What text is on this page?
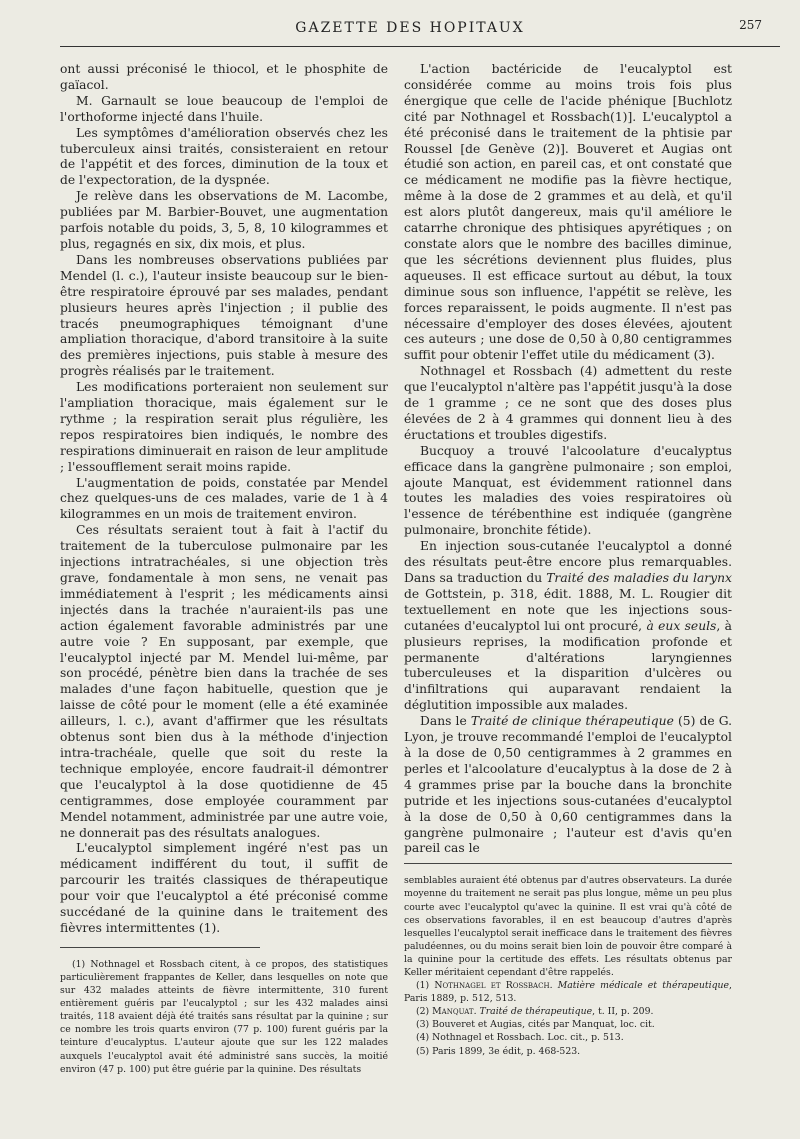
GAZETTE DES HOPITAUX	257

ont aussi préconisé le thiocol, et le phosphite de gaïacol.

M. Garnault se loue beaucoup de l'emploi de l'orthoforme injecté dans l'huile.

Les symptômes d'amélioration observés chez les tuberculeux ainsi traités, consisteraient en retour de l'appétit et des forces, diminution de la toux et de l'expectoration, de la dyspnée.

Je relève dans les observations de M. Lacombe, publiées par M. Barbier-Bouvet, une augmentation parfois notable du poids, 3, 5, 8, 10 kilogrammes et plus, regagnés en six, dix mois, et plus.

Dans les nombreuses observations publiées par Mendel (l. c.), l'auteur insiste beaucoup sur le bien-être respiratoire éprouvé par ses malades, pendant plusieurs heures après l'injection ; il publie des tracés pneumographiques témoignant d'une ampliation thoracique, d'abord transitoire à la suite des premières injections, puis stable à mesure des progrès réalisés par le traitement.

Les modifications porteraient non seulement sur l'ampliation thoracique, mais également sur le rythme ; la respiration serait plus régulière, les repos respiratoires bien indiqués, le nombre des respirations diminuerait en raison de leur amplitude ; l'essoufflement serait moins rapide.

L'augmentation de poids, constatée par Mendel chez quelques-uns de ces malades, varie de 1 à 4 kilogrammes en un mois de traitement environ.

Ces résultats seraient tout à fait à l'actif du traitement de la tuberculose pulmonaire par les injections intratrachéales, si une objection très grave, fondamentale à mon sens, ne venait pas immédiatement à l'esprit ; les médicaments ainsi injectés dans la trachée n'auraient-ils pas une action également favorable administrés par une autre voie ? En supposant, par exemple, que l'eucalyptol injecté par M. Mendel lui-même, par son procédé, pénètre bien dans la trachée de ses malades d'une façon habituelle, question que je laisse de côté pour le moment (elle a été examinée ailleurs, l. c.), avant d'affirmer que les résultats obtenus sont bien dus à la méthode d'injection intra-trachéale, quelle que soit du reste la technique employée, encore faudrait-il démontrer que l'eucalyptol à la dose quotidienne de 45 centigrammes, dose employée couramment par Mendel notamment, administrée par une autre voie, ne donnerait pas des résultats analogues.

L'eucalyptol simplement ingéré n'est pas un médicament indifférent du tout, il suffit de parcourir les traités classiques de thérapeutique pour voir que l'eucalyptol a été préconisé comme succédané de la quinine dans le traitement des fièvres intermittentes (1).

(1) Nothnagel et Rossbach citent, à ce propos, des statistiques particulièrement frappantes de Keller, dans lesquelles on note que sur 432 malades atteints de fièvre intermittente, 310 furent entièrement guéris par l'eucalyptol ; sur les 432 malades ainsi traités, 118 avaient déjà été traités sans résultat par la quinine ; sur ce nombre les trois quarts environ (77 p. 100) furent guéris par la teinture d'eucalyptus. L'auteur ajoute que sur les 122 malades auxquels l'eucalyptol avait été administré sans succès, la moitié environ (47 p. 100) put être guérie par la quinine. Des résultats

L'action bactéricide de l'eucalyptol est considérée comme au moins trois fois plus énergique que celle de l'acide phénique [Buchlotz cité par Nothnagel et Rossbach(1)]. L'eucalyptol a été préconisé dans le traitement de la phtisie par Roussel [de Genève (2)]. Bouveret et Augias ont étudié son action, en pareil cas, et ont constaté que ce médicament ne modifie pas la fièvre hectique, même à la dose de 2 grammes et au delà, et qu'il est alors plutôt dangereux, mais qu'il améliore le catarrhe chronique des phtisiques apyrétiques ; on constate alors que le nombre des bacilles diminue, que les sécrétions deviennent plus fluides, plus aqueuses. Il est efficace surtout au début, la toux diminue sous son influence, l'appétit se relève, les forces reparaissent, le poids augmente. Il n'est pas nécessaire d'employer des doses élevées, ajoutent ces auteurs ; une dose de 0,50 à 0,80 centigrammes suffit pour obtenir l'effet utile du médicament (3).

Nothnagel et Rossbach (4) admettent du reste que l'eucalyptol n'altère pas l'appétit jusqu'à la dose de 1 gramme ; ce ne sont que des doses plus élevées de 2 à 4 grammes qui donnent lieu à des éructations et troubles digestifs.

Bucquoy a trouvé l'alcoolature d'eucalyptus efficace dans la gangrène pulmonaire ; son emploi, ajoute Manquat, est évidemment rationnel dans toutes les maladies des voies respiratoires où l'essence de térébenthine est indiquée (gangrène pulmonaire, bronchite fétide).

En injection sous-cutanée l'eucalyptol a donné des résultats peut-être encore plus remarquables. Dans sa traduction du Traité des maladies du larynx de Gottstein, p. 318, édit. 1888, M. L. Rougier dit textuellement en note que les injections sous-cutanées d'eucalyptol lui ont procuré, à eux seuls, à plusieurs reprises, la modification profonde et permanente d'altérations laryngiennes tuberculeuses et la disparition d'ulcères ou d'infiltrations qui auparavant rendaient la déglutition impossible aux malades.

Dans le Traité de clinique thérapeutique (5) de G. Lyon, je trouve recommandé l'emploi de l'eucalyptol à la dose de 0,50 centigrammes à 2 grammes en perles et l'alcoolature d'eucalyptus à la dose de 2 à 4 grammes prise par la bouche dans la bronchite putride et les injections sous-cutanées d'eucalyptol à la dose de 0,50 à 0,60 centigrammes dans la gangrène pulmonaire ; l'auteur est d'avis qu'en pareil cas le

semblables auraient été obtenus par d'autres observateurs. La durée moyenne du traitement ne serait pas plus longue, même un peu plus courte avec l'eucalyptol qu'avec la quinine. Il est vrai qu'à côté de ces observations favorables, il en est beaucoup d'autres d'après lesquelles l'eucalyptol serait inefficace dans le traitement des fièvres paludéennes, ou du moins serait bien loin de pouvoir être comparé à la quinine pour la certitude des effets. Les résultats obtenus par Keller méritaient cependant d'être rappelés.

(1) Nothnagel et Rossbach. Matière médicale et thérapeutique, Paris 1889, p. 512, 513.

(2) Manquat. Traité de thérapeutique, t. II, p. 209.

(3) Bouveret et Augias, cités par Manquat, loc. cit.

(4) Nothnagel et Rossbach. Loc. cit., p. 513.

(5) Paris 1899, 3e édit, p. 468-523.
